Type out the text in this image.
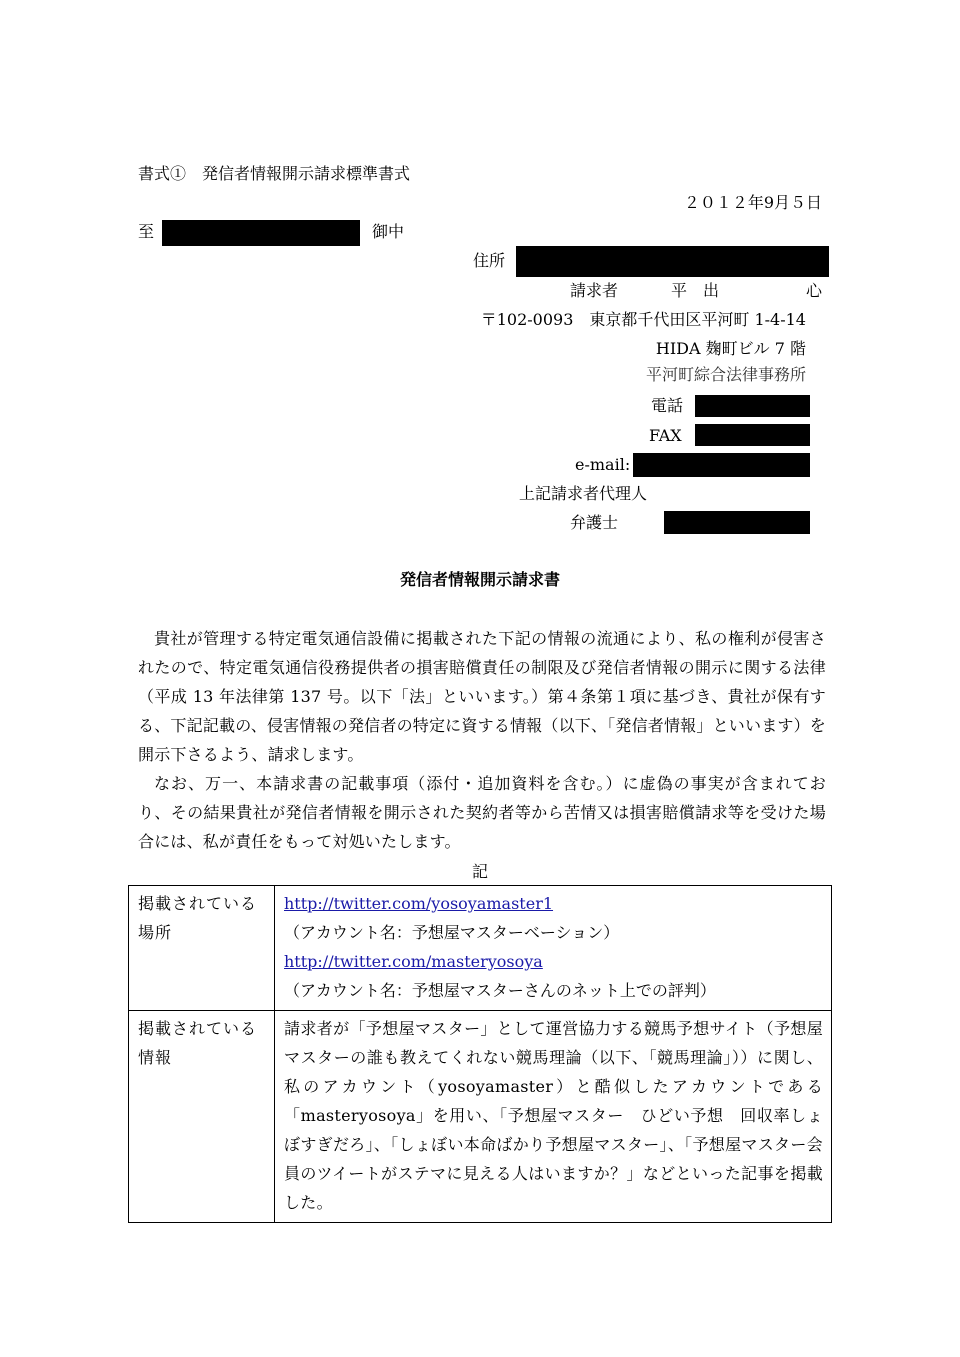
書式①　発信者情報開示請求標準書式
２０１２年9月５日
至	御中
住所
請求者	平　出	心
〒102-0093　東京都千代田区平河町 1-4-14
HIDA 麹町ビル 7 階
平河町綜合法律事務所
電話
FAX
e-mail:
上記請求者代理人
弁護士
発信者情報開示請求書

貴社が管理する特定電気通信設備に掲載された下記の情報の流通により、私の権利が侵害されたので、特定電気通信役務提供者の損害賠償責任の制限及び発信者情報の開示に関する法律（平成 13 年法律第 137 号。以下「法」といいます。）第４条第１項に基づき、貴社が保有する、下記記載の、侵害情報の発信者の特定に資する情報（以下、「発信者情報」といいます）を開示下さるよう、請求します。

なお、万一、本請求書の記載事項（添付・追加資料を含む。）に虚偽の事実が含まれており、その結果貴社が発信者情報を開示された契約者等から苦情又は損害賠償請求等を受けた場合には、私が責任をもって対処いたします。

記
掲載されている場所	http://twitter.com/yosoyamaster1
（アカウント名：予想屋マスターベーション）
http://twitter.com/masteryosoya
（アカウント名：予想屋マスターさんのネット上での評判）

掲載されている情報	請求者が「予想屋マスター」として運営協力する競馬予想サイト（予想屋マスターの誰も教えてくれない競馬理論（以下、「競馬理論」））に関し、私のアカウント（yosoyamaster）と酷似したアカウントである「masteryosoya」を用い、「予想屋マスター　ひどい予想　回収率しょぼすぎだろ」、「しょぼい本命ばかり予想屋マスター」、「予想屋マスター会員のツイートがステマに見える人はいますか？」などといった記事を掲載した。
